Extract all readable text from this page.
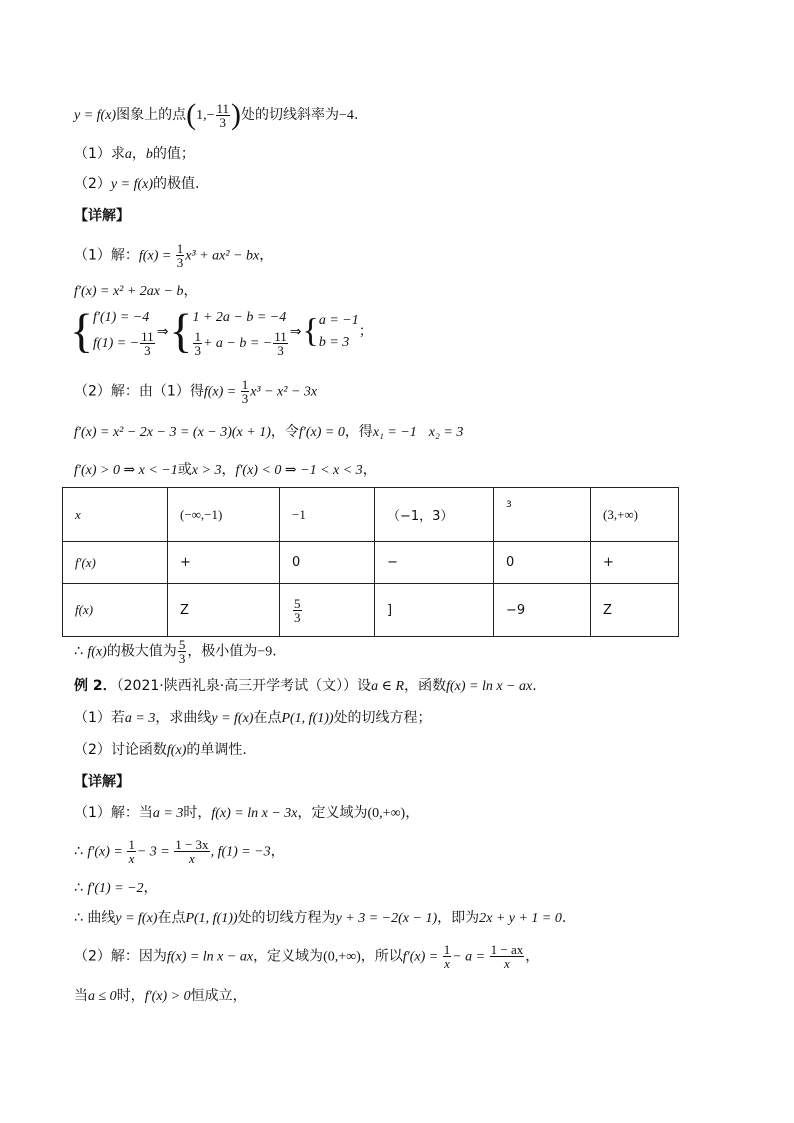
y = f(x)图象上的点($1,- \frac{11}{3}$ )处的切线斜率为−4.
（1）求a，b的值；
（2）y = f(x)的极值.
【详解】
（1）解：$f(x) = \frac{1}{3} x^3 + ax^2$ − bx，
f′(x) = x² + 2ax − b，
{ f′(1) = −4
f(1) = − $\frac{11}{3}$ ⇒{ 1 + 2a − b = −4
$\frac{1}{3} + a - b$ = − $\frac{11}{3}$ ⇒{ a = −1
b = 3
；
（2）解：由（1）得$f(x) = \frac{1}{3} x^3 - x^2 - 3x$
f′(x) = x² − 2x − 3 = (x − 3)(x + 1)，令f′(x) = 0，得x₁ = −1 x₂ = 3
f′(x) > 0 ⇒ x < −1或x > 3，f′(x) < 0 ⇒ −1 < x < 3，
x	(−∞,−1)	−1	（−1，3）	3	(3,+∞)
f′(x)	+	0	−	0	+
f(x)	Z	$\frac{5}{3}$	]	−9	Z
∴ f(x)的极大值为 $\frac{5}{3}$ ，极小值为−9.
例 2．（2021·陕西礼泉·高三开学考试（文））设a ∈ R，函数f(x) = ln x − ax.
（1）若a = 3，求曲线y = f(x)在点P(1, f(1))处的切线方程；
（2）讨论函数f(x)的单调性.
【详解】
（1）解：当a = 3时，f(x) = ln x − 3x，定义域为(0,+∞)，
∴ $f'(x) = \frac{1}{x} - 3 = \frac{1 - 3x}{x}$ , f(1) = −3，
∴ f′(1) = −2，
∴ 曲线y = f(x)在点P(1, f(1))处的切线方程为y + 3 = −2(x − 1)，即为2x + y + 1 = 0.
（2）解：因为f(x) = ln x − ax，定义域为(0,+∞)，所以$f'(x) = \frac{1}{x} - a = \frac{1 - ax}{x}$ ，
当a ≤ 0时，f′(x) > 0恒成立，
